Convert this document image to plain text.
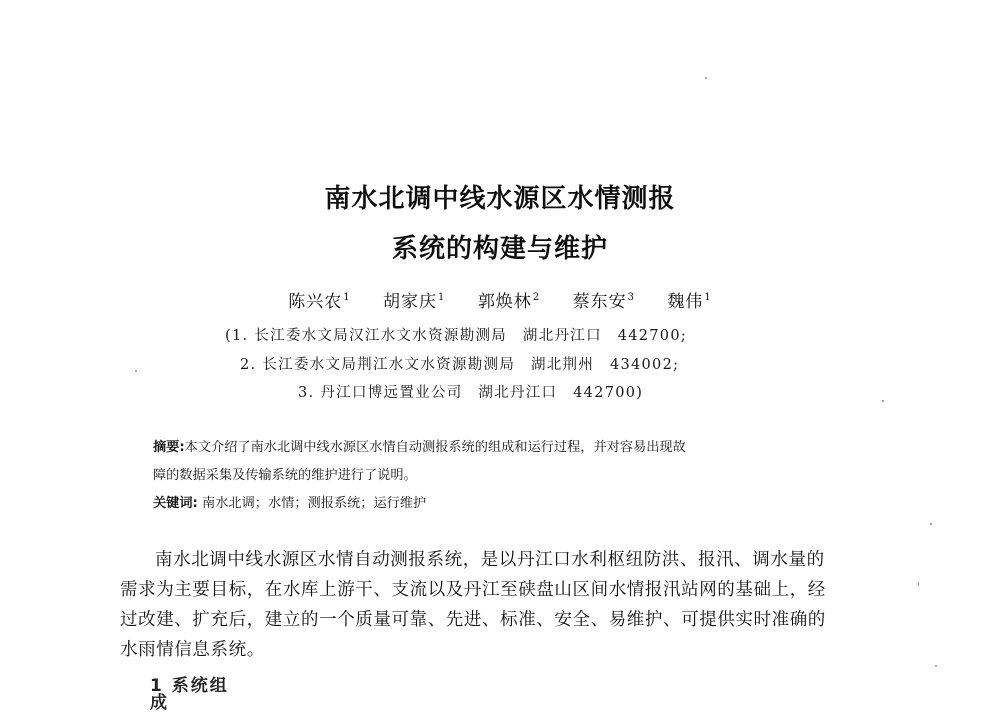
南水北调中线水源区水情测报
系统的构建与维护
陈兴农$^1$ 胡家庆$^1$ 郭焕林$^2$ 蔡东安$^3$ 魏伟$^1$
(1. 长江委水文局汉江水文水资源勘测局　湖北丹江口　442700;
2. 长江委水文局荆江水文水资源勘测局　湖北荆州　434002;
3. 丹江口博远置业公司　湖北丹江口　442700)
摘要:本文介绍了南水北调中线水源区水情自动测报系统的组成和运行过程，并对容易出现故
障的数据采集及传输系统的维护进行了说明。
关键词: 南水北调；水情；测报系统；运行维护
南水北调中线水源区水情自动测报系统，是以丹江口水利枢纽防洪、报汛、调水量的
需求为主要目标，在水库上游干、支流以及丹江至硖盘山区间水情报汛站网的基础上，经
过改建、扩充后，建立的一个质量可靠、先进、标准、安全、易维护、可提供实时准确的
水雨情信息系统。
1 系统组成
